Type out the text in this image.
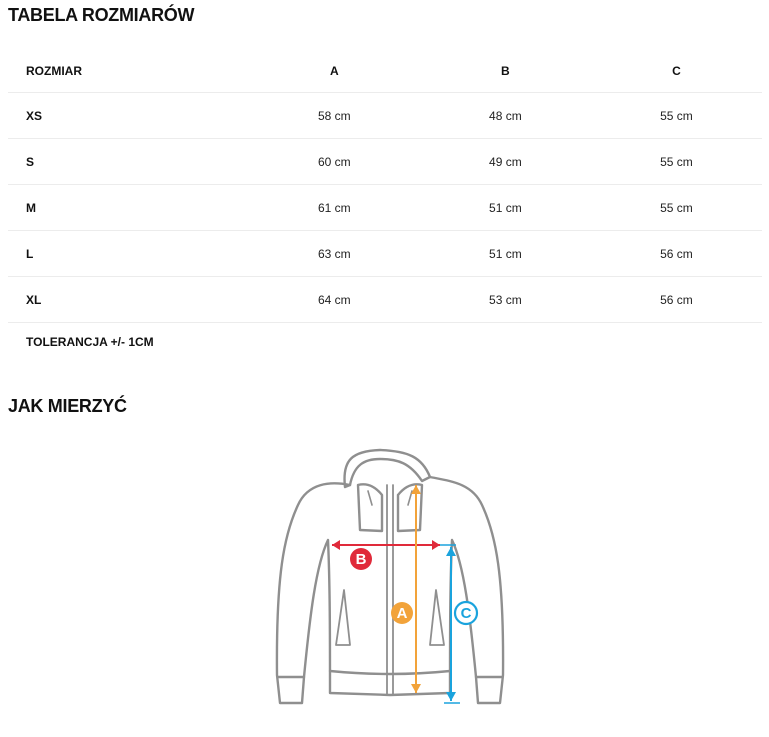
TABELA ROZMIARÓW
ROZMIAR	A	B	C
XS	58 cm	48 cm	55 cm
S	60 cm	49 cm	55 cm
M	61 cm	51 cm	55 cm
L	63 cm	51 cm	56 cm
XL	64 cm	53 cm	56 cm
TOLERANCJA +/- 1CM
JAK MIERZYĆ
B
A	C
